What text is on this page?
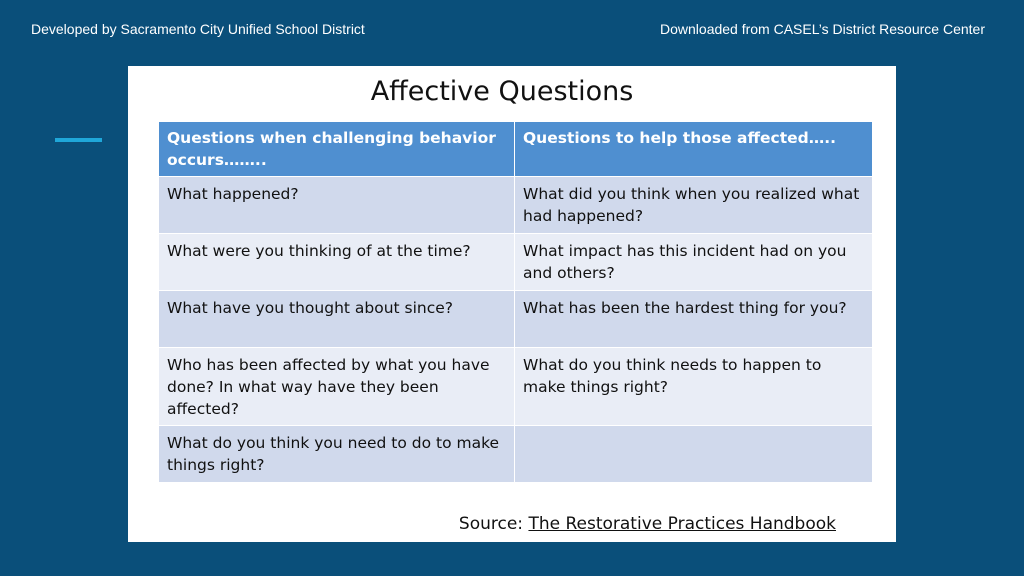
Developed by Sacramento City Unified School District	Downloaded from CASEL’s District Resource Center
Affective Questions
Questions when challenging behavior occurs……..	Questions to help those affected…..
What happened?	What did you think when you realized what had happened?
What were you thinking of at the time?	What impact has this incident had on you and others?
What have you thought about since?	What has been the hardest thing for you?
Who has been affected by what you have done? In what way have they been affected?	What do you think needs to happen to make things right?
What do you think you need to do to make things right?	
Source: The Restorative Practices Handbook
